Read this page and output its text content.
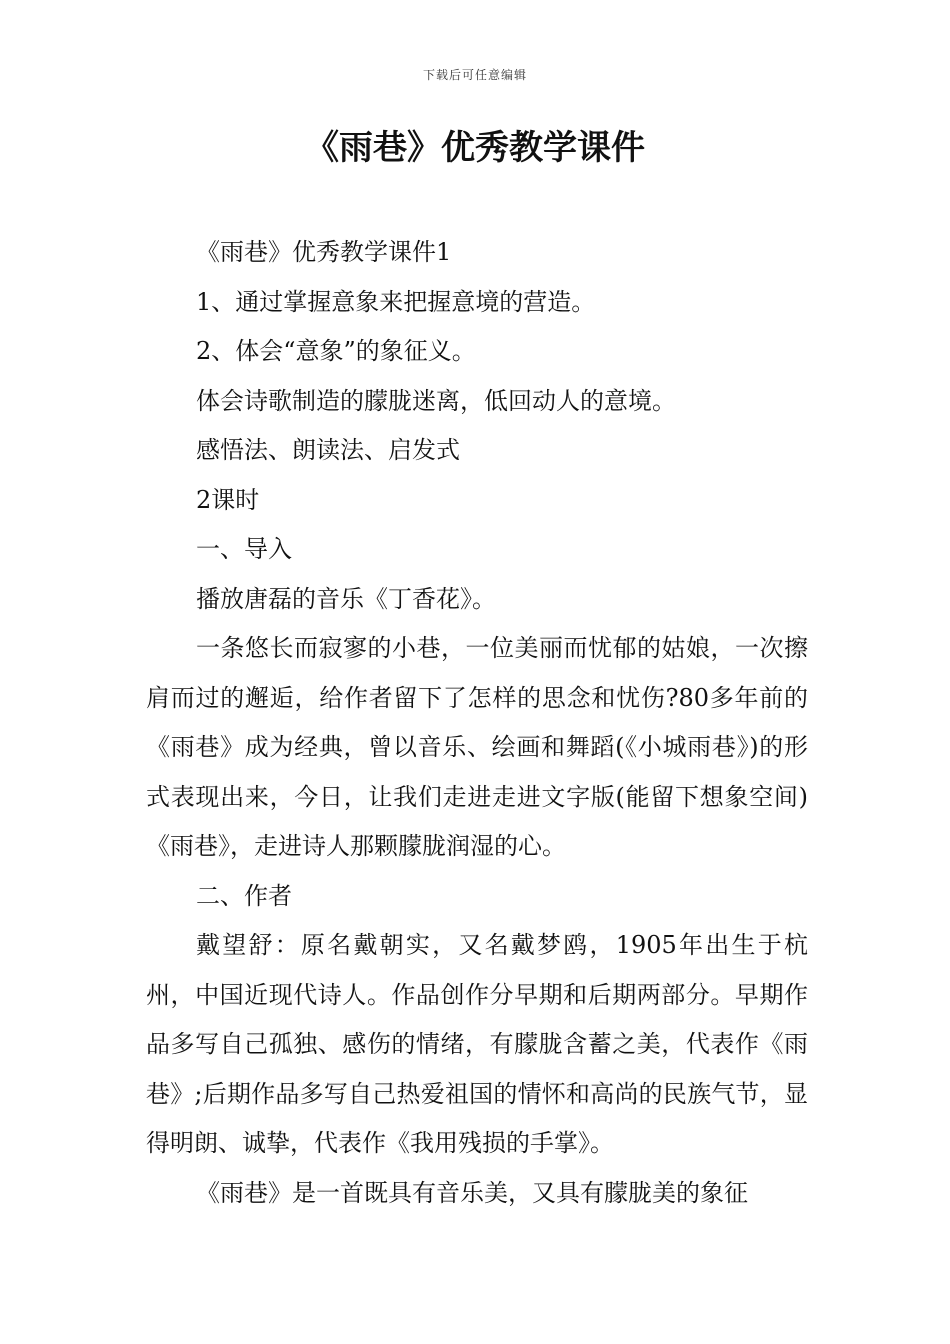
下载后可任意编辑
《雨巷》优秀教学课件

《雨巷》优秀教学课件1

1、通过掌握意象来把握意境的营造。

2、体会“意象”的象征义。

体会诗歌制造的朦胧迷离，低回动人的意境。

感悟法、朗读法、启发式

2课时

一、导入

播放唐磊的音乐《丁香花》。

一条悠长而寂寥的小巷，一位美丽而忧郁的姑娘，一次擦肩而过的邂逅，给作者留下了怎样的思念和忧伤?80多年前的《雨巷》成为经典，曾以音乐、绘画和舞蹈(《小城雨巷》)的形式表现出来，今日，让我们走进走进文字版(能留下想象空间)《雨巷》，走进诗人那颗朦胧润湿的心。

二、作者

戴望舒：原名戴朝实，又名戴梦鸥，1905年出生于杭州，中国近现代诗人。作品创作分早期和后期两部分。早期作品多写自己孤独、感伤的情绪，有朦胧含蓄之美，代表作《雨巷》;后期作品多写自己热爱祖国的情怀和高尚的民族气节，显得明朗、诚挚，代表作《我用残损的手掌》。

《雨巷》是一首既具有音乐美，又具有朦胧美的象征
